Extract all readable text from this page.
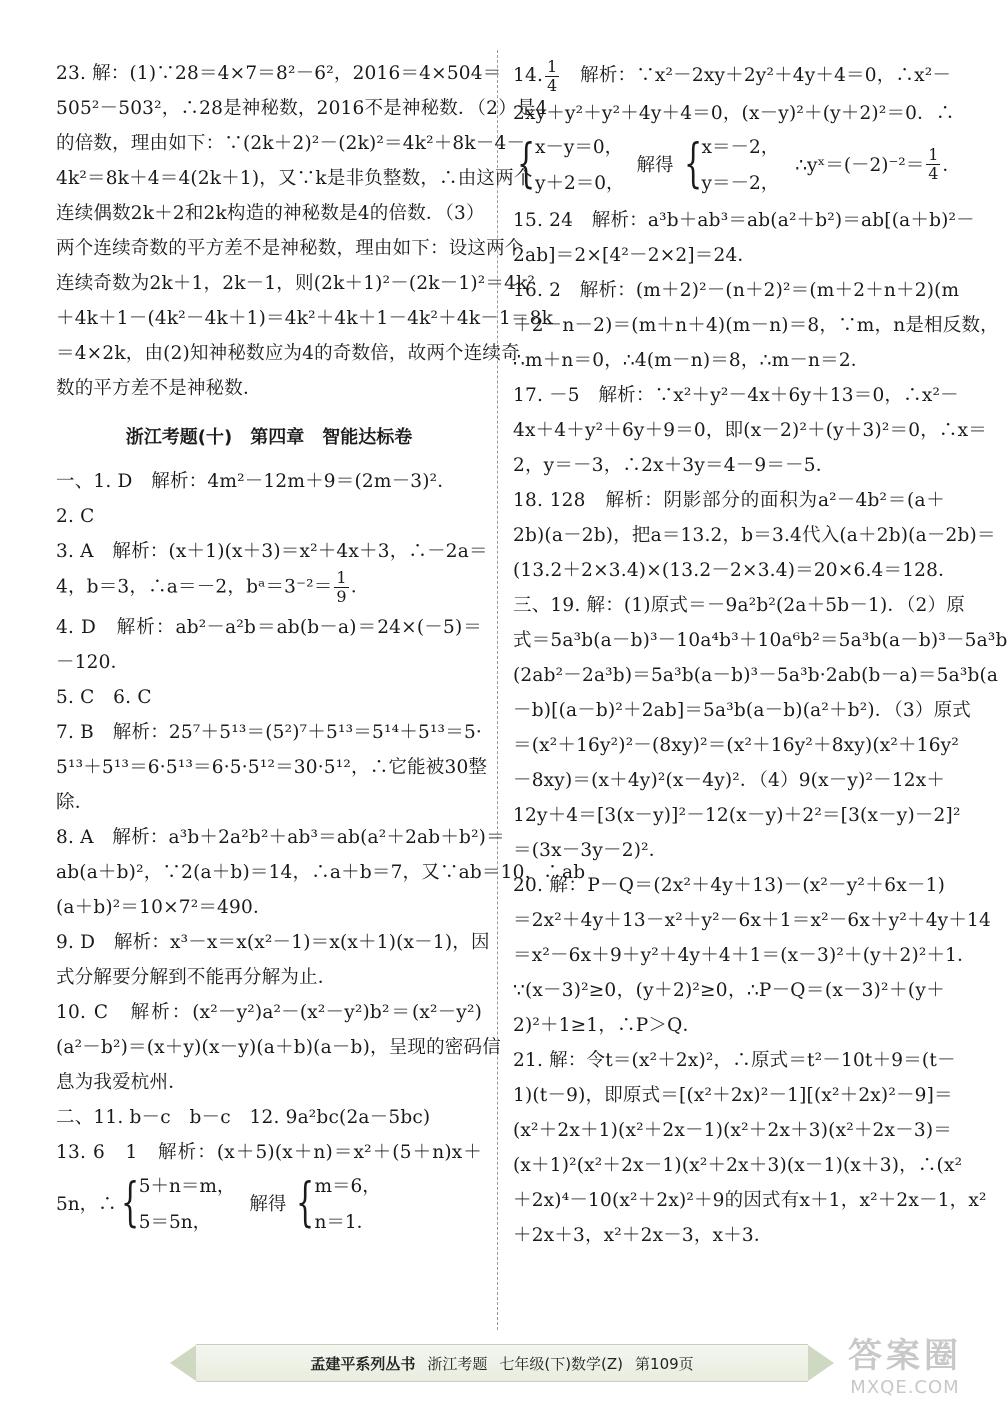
23. 解：(1)∵28＝4×7＝8²－6²，2016＝4×504＝
505²－503²，∴28是神秘数，2016不是神秘数．（2）是4
的倍数，理由如下：∵(2k＋2)²－(2k)²＝4k²＋8k－4－
4k²＝8k＋4＝4(2k＋1)，又∵k是非负整数，∴由这两个
连续偶数2k＋2和2k构造的神秘数是4的倍数．（3）
两个连续奇数的平方差不是神秘数，理由如下：设这两个
连续奇数为2k＋1，2k－1，则(2k＋1)²－(2k－1)²＝4k²
＋4k＋1－(4k²－4k＋1)＝4k²＋4k＋1－4k²＋4k－1＝8k
＝4×2k，由(2)知神秘数应为4的奇数倍，故两个连续奇
数的平方差不是神秘数．
浙江考题(十)　第四章　智能达标卷
一、1. D　解析：4m²－12m＋9＝(2m－3)²．
2. C
3. A　解析：(x＋1)(x＋3)＝x²＋4x＋3，∴－2a＝
4，b＝3，∴a＝－2，bᵃ＝3⁻²＝ $\frac{1}{9}$ ．
4. D　解析：ab²－a²b＝ab(b－a)＝24×(－5)＝
－120．
5. C　6. C
7. B　解析：25⁷＋5¹³＝(5²)⁷＋5¹³＝5¹⁴＋5¹³＝5·
5¹³＋5¹³＝6·5¹³＝6·5·5¹²＝30·5¹²，∴它能被30整
除．
8. A　解析：a³b＋2a²b²＋ab³＝ab(a²＋2ab＋b²)＝
ab(a＋b)²，∵2(a＋b)＝14，∴a＋b＝7，又∵ab＝10，∴ab
(a＋b)²＝10×7²＝490．
9. D　解析：x³－x＝x(x²－1)＝x(x＋1)(x－1)，因
式分解要分解到不能再分解为止．
10. C　解析：(x²－y²)a²－(x²－y²)b²＝(x²－y²)
(a²－b²)＝(x＋y)(x－y)(a＋b)(a－b)，呈现的密码信
息为我爱杭州．
二、11. b－c　b－c　12. 9a²bc(2a－5bc)
13. 6　1　解析：(x＋5)(x＋n)＝x²＋(5＋n)x＋
5n，∴ { 5＋n＝m，
5＝5n，
解得 { m＝6，
n＝1．
14. $\frac{1}{4}$ 　解析：∵x²－2xy＋2y²＋4y＋4＝0，∴x²－
2xy＋y²＋y²＋4y＋4＝0，(x－y)²＋(y＋2)²＝0．∴
{ x－y＝0，
y＋2＝0，
解得 { x＝－2，
y＝－2，
∴yˣ＝(－2)⁻²＝ $\frac{1}{4}$ ．
15. 24　解析：a³b＋ab³＝ab(a²＋b²)＝ab[(a＋b)²－
2ab]＝2×[4²－2×2]＝24．
16. 2　解析：(m＋2)²－(n＋2)²＝(m＋2＋n＋2)(m
＋2－n－2)＝(m＋n＋4)(m－n)＝8，∵m，n是相反数，
∴m＋n＝0，∴4(m－n)＝8，∴m－n＝2．
17. －5　解析：∵x²＋y²－4x＋6y＋13＝0，∴x²－
4x＋4＋y²＋6y＋9＝0，即(x－2)²＋(y＋3)²＝0，∴x＝
2，y＝－3，∴2x＋3y＝4－9＝－5．
18. 128　解析：阴影部分的面积为a²－4b²＝(a＋
2b)(a－2b)，把a＝13.2，b＝3.4代入(a＋2b)(a－2b)＝
(13.2＋2×3.4)×(13.2－2×3.4)＝20×6.4＝128．
三、19. 解：(1)原式＝－9a²b²(2a＋5b－1)．（2）原
式＝5a³b(a－b)³－10a⁴b³＋10a⁶b²＝5a³b(a－b)³－5a³b
(2ab²－2a³b)＝5a³b(a－b)³－5a³b·2ab(b－a)＝5a³b(a
－b)[(a－b)²＋2ab]＝5a³b(a－b)(a²＋b²)．（3）原式
＝(x²＋16y²)²－(8xy)²＝(x²＋16y²＋8xy)(x²＋16y²
－8xy)＝(x＋4y)²(x－4y)²．（4）9(x－y)²－12x＋
12y＋4＝[3(x－y)]²－12(x－y)＋2²＝[3(x－y)－2]²
＝(3x－3y－2)²．
20. 解：P－Q＝(2x²＋4y＋13)－(x²－y²＋6x－1)
＝2x²＋4y＋13－x²＋y²－6x＋1＝x²－6x＋y²＋4y＋14
＝x²－6x＋9＋y²＋4y＋4＋1＝(x－3)²＋(y＋2)²＋1．
∵(x－3)²≥0，(y＋2)²≥0，∴P－Q＝(x－3)²＋(y＋
2)²＋1≥1，∴P＞Q．
21. 解：令t＝(x²＋2x)²，∴原式＝t²－10t＋9＝(t－
1)(t－9)，即原式＝[(x²＋2x)²－1][(x²＋2x)²－9]＝
(x²＋2x＋1)(x²＋2x－1)(x²＋2x＋3)(x²＋2x－3)＝
(x＋1)²(x²＋2x－1)(x²＋2x＋3)(x－1)(x＋3)，∴(x²
＋2x)⁴－10(x²＋2x)²＋9的因式有x＋1，x²＋2x－1，x²
＋2x＋3，x²＋2x－3，x＋3．
孟建平系列丛书 浙江考题 七年级(下)数学(Z) 第109页	答案圈
MXQE.COM
